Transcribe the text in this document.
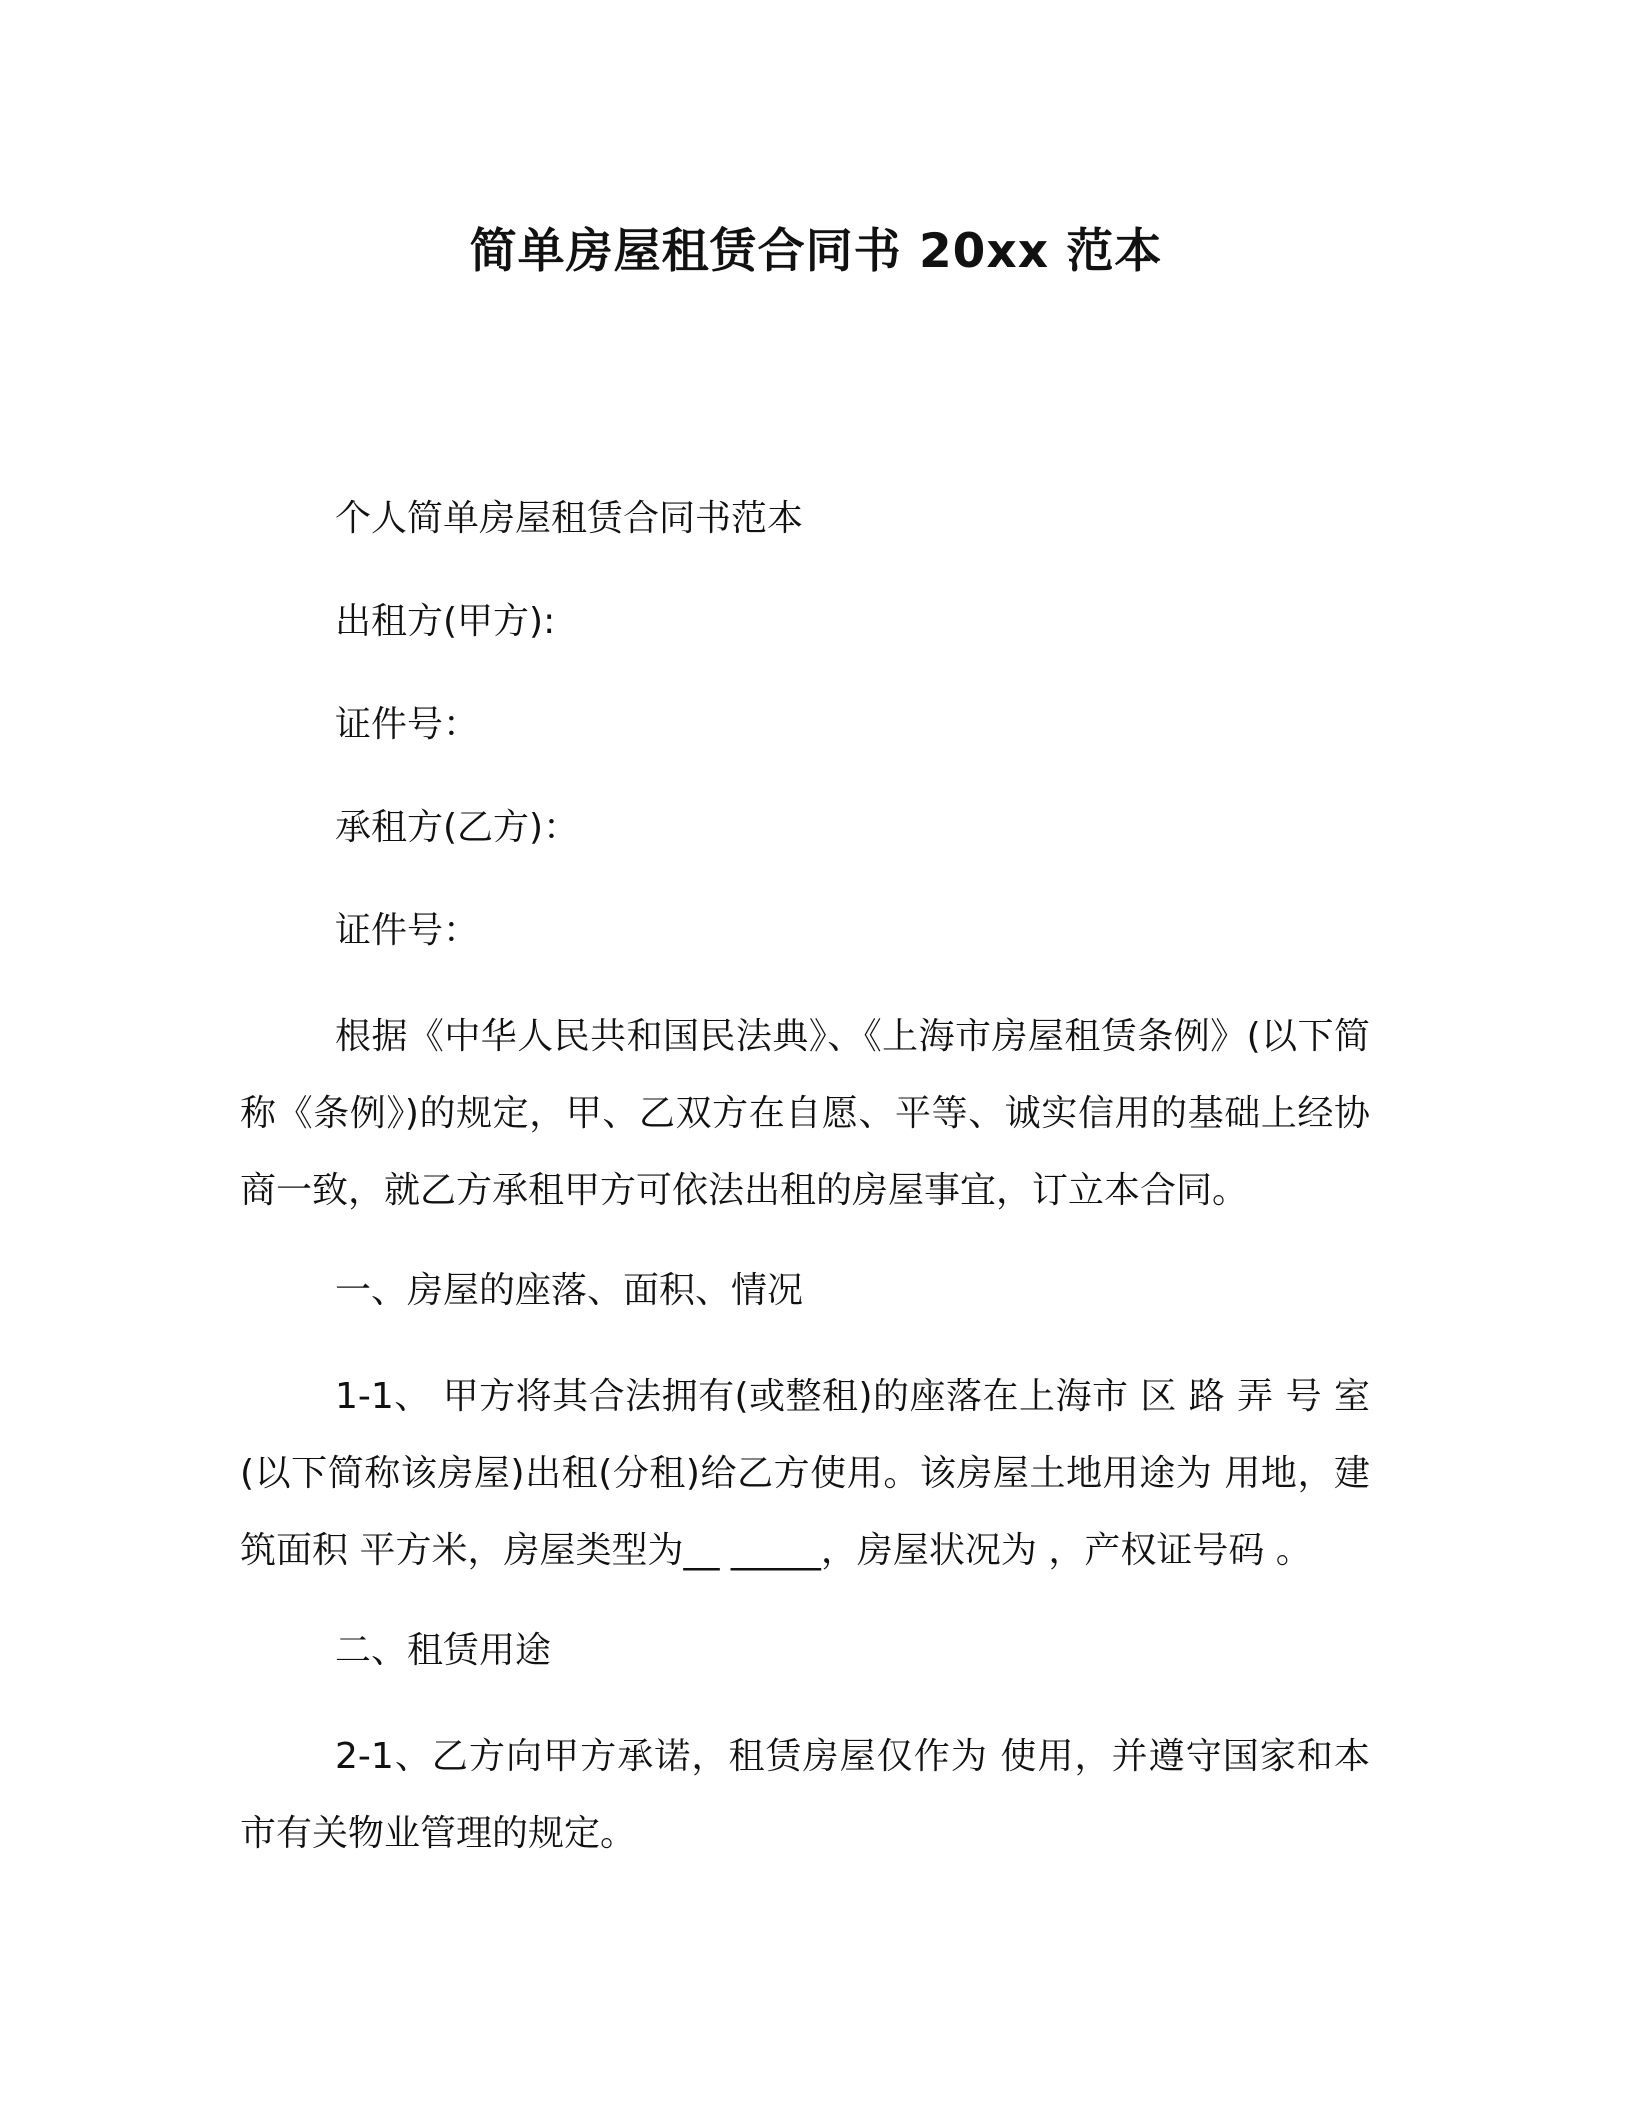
简单房屋租赁合同书 20xx 范本

个人简单房屋租赁合同书范本

出租方(甲方):

证件号：

承租方(乙方)：

证件号：

根据《中华人民共和国民法典》、《上海市房屋租赁条例》(以下简称《条例》)的规定，甲、乙双方在自愿、平等、诚实信用的基础上经协商一致，就乙方承租甲方可依法出租的房屋事宜，订立本合同。

一、房屋的座落、面积、情况

1-1、 甲方将其合法拥有(或整租)的座落在上海市 区 路 弄 号 室(以下简称该房屋)出租(分租)给乙方使用。该房屋土地用途为 用地，建筑面积 平方米，房屋类型为__ _____，房屋状况为 ，产权证号码 。

二、租赁用途

2-1、乙方向甲方承诺，租赁房屋仅作为 使用，并遵守国家和本市有关物业管理的规定。
